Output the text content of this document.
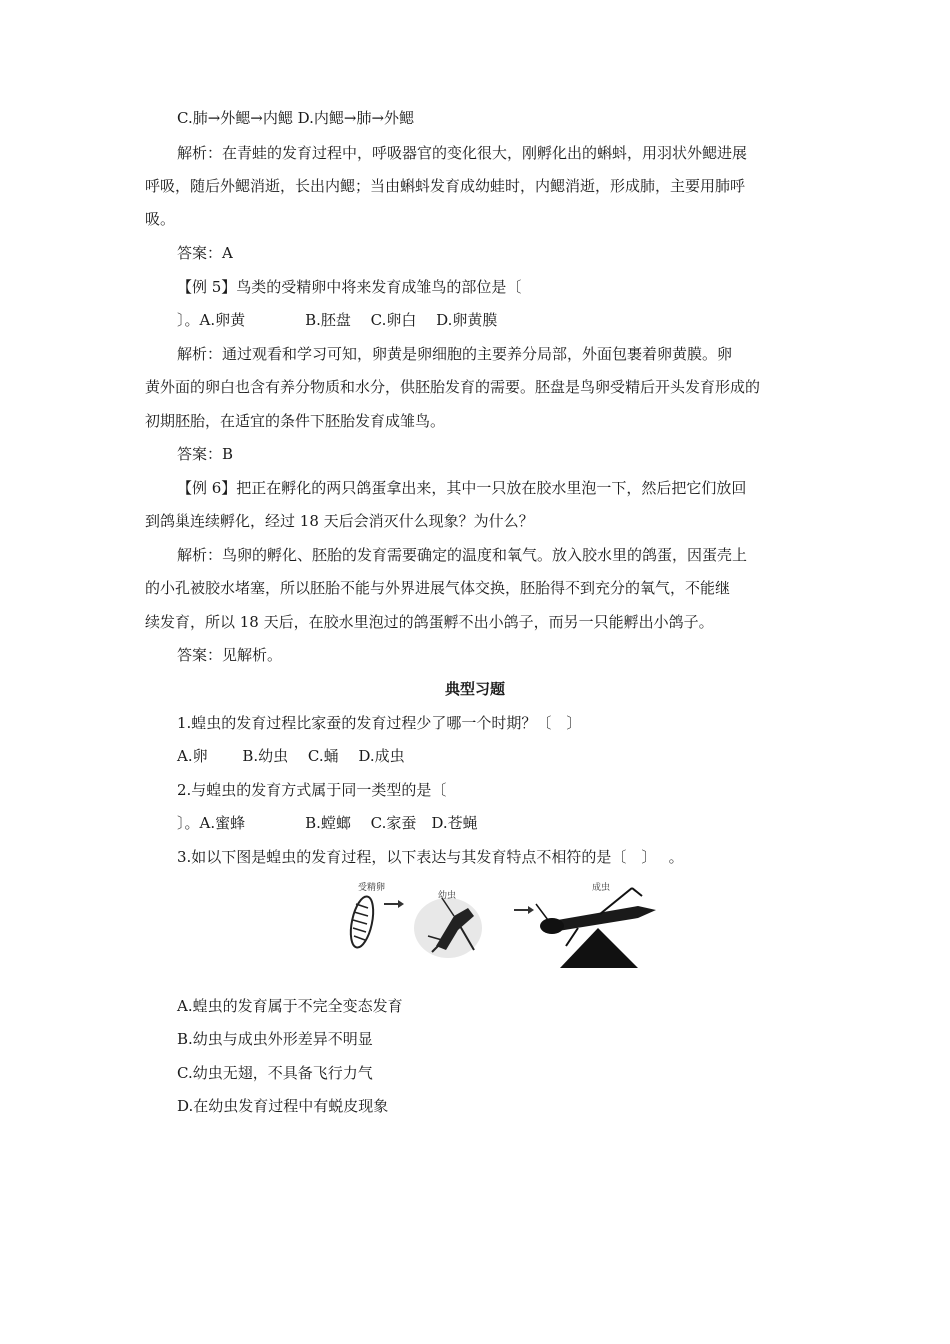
C.肺→外鳃→内鳃 D.内鳃→肺→外鳃
解析：在青蛙的发育过程中，呼吸器官的变化很大，刚孵化出的蝌蚪，用羽状外鳃进展
呼吸，随后外鳃消逝，长出内鳃；当由蝌蚪发育成幼蛙时，内鳃消逝，形成肺，主要用肺呼
吸。
答案：A
【例 5】鸟类的受精卵中将来发育成雏鸟的部位是〔
〕。A.卵黄　　　　B.胚盘　 C.卵白　 D.卵黄膜
解析：通过观看和学习可知，卵黄是卵细胞的主要养分局部，外面包裹着卵黄膜。卵
黄外面的卵白也含有养分物质和水分，供胚胎发育的需要。胚盘是鸟卵受精后开头发育形成的
初期胚胎，在适宜的条件下胚胎发育成雏鸟。
答案：B
【例 6】把正在孵化的两只鸽蛋拿出来，其中一只放在胶水里泡一下，然后把它们放回
到鸽巢连续孵化，经过 18 天后会消灭什么现象？为什么？
解析：鸟卵的孵化、胚胎的发育需要确定的温度和氧气。放入胶水里的鸽蛋，因蛋壳上
的小孔被胶水堵塞，所以胚胎不能与外界进展气体交换，胚胎得不到充分的氧气，不能继
续发育，所以 18 天后，在胶水里泡过的鸽蛋孵不出小鸽子，而另一只能孵出小鸽子。
答案：见解析。
典型习题
1.蝗虫的发育过程比家蚕的发育过程少了哪一个时期？〔　〕
A.卵　　 B.幼虫　 C.蛹　 D.成虫
2.与蝗虫的发育方式属于同一类型的是〔
〕。A.蜜蜂　　　　B.螳螂　 C.家蚕　D.苍蝇
3.如以下图是蝗虫的发育过程，以下表达与其发育特点不相符的是〔　〕　 。
受精卵
幼虫
成虫
A.蝗虫的发育属于不完全变态发育
B.幼虫与成虫外形差异不明显
C.幼虫无翅，不具备飞行力气
D.在幼虫发育过程中有蜕皮现象
